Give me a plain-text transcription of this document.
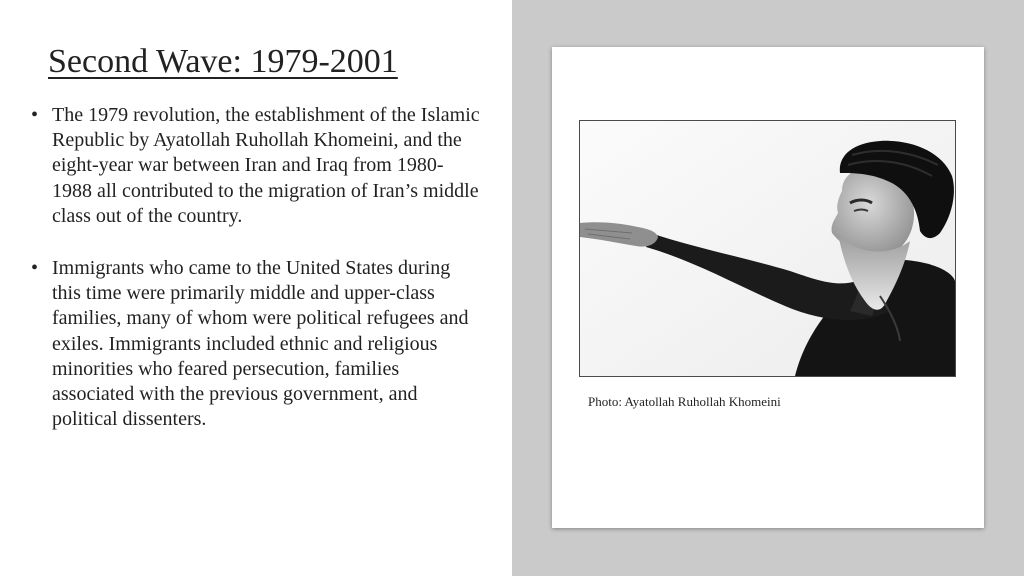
Second Wave: 1979-2001
• The 1979 revolution, the establishment of the Islamic Republic by Ayatollah Ruhollah Khomeini, and the eight-year war between Iran and Iraq from 1980-1988 all contributed to the migration of Iran’s middle class out of the country.
• Immigrants who came to the United States during this time were primarily middle and upper-class families, many of whom were political refugees and exiles. Immigrants included ethnic and religious minorities who feared persecution, families associated with the previous government, and political dissenters.
Photo: Ayatollah Ruhollah Khomeini
